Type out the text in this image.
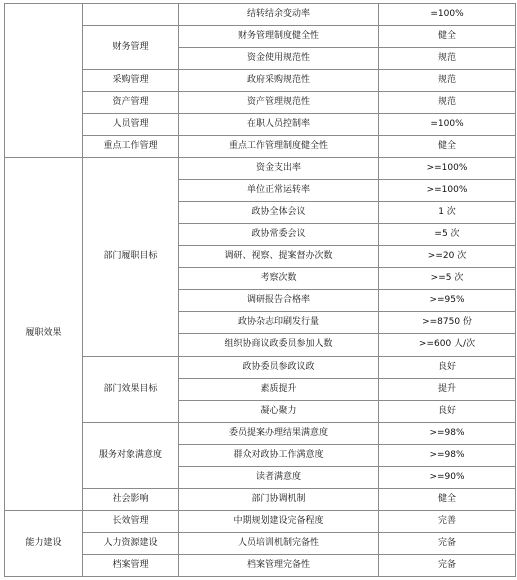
		结转结余变动率	=100%
	财务管理	财务管理制度健全性	健全
		资金使用规范性	规范
	采购管理	政府采购规范性	规范
	资产管理	资产管理规范性	规范
	人员管理	在职人员控制率	=100%
	重点工作管理	重点工作管理制度健全性	健全
履职效果	部门履职目标	资金支出率	>=100%
		单位正常运转率	>=100%
		政协全体会议	1 次
		政协常委会议	=5 次
		调研、视察、提案督办次数	>=20 次
		考察次数	>=5 次
		调研报告合格率	>=95%
		政协杂志印刷发行量	>=8750 份
		组织协商议政委员参加人数	>=600 人/次
	部门效果目标	政协委员参政议政	良好
		素质提升	提升
		凝心聚力	良好
	服务对象满意度	委员提案办理结果满意度	>=98%
		群众对政协工作满意度	>=98%
		读者满意度	>=90%
	社会影响	部门协调机制	健全
能力建设	长效管理	中期规划建设完备程度	完善
	人力资源建设	人员培训机制完备性	完备
	档案管理	档案管理完备性	完备
